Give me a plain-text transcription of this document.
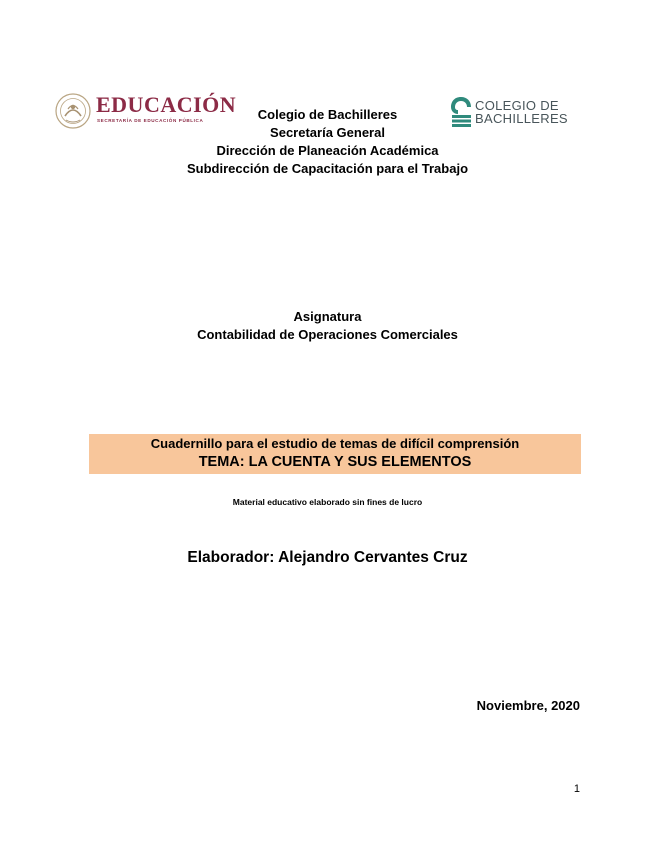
EDUCACIÓN
SECRETARÍA DE EDUCACIÓN PÚBLICA
COLEGIO DE
BACHILLERES
Colegio de Bachilleres
Secretaría General
Dirección de Planeación Académica
Subdirección de Capacitación para el Trabajo
Asignatura
Contabilidad de Operaciones Comerciales
Cuadernillo para el estudio de temas de difícil comprensión
TEMA: LA CUENTA Y SUS ELEMENTOS
Material educativo elaborado sin fines de lucro
Elaborador: Alejandro Cervantes Cruz
Noviembre, 2020
1
